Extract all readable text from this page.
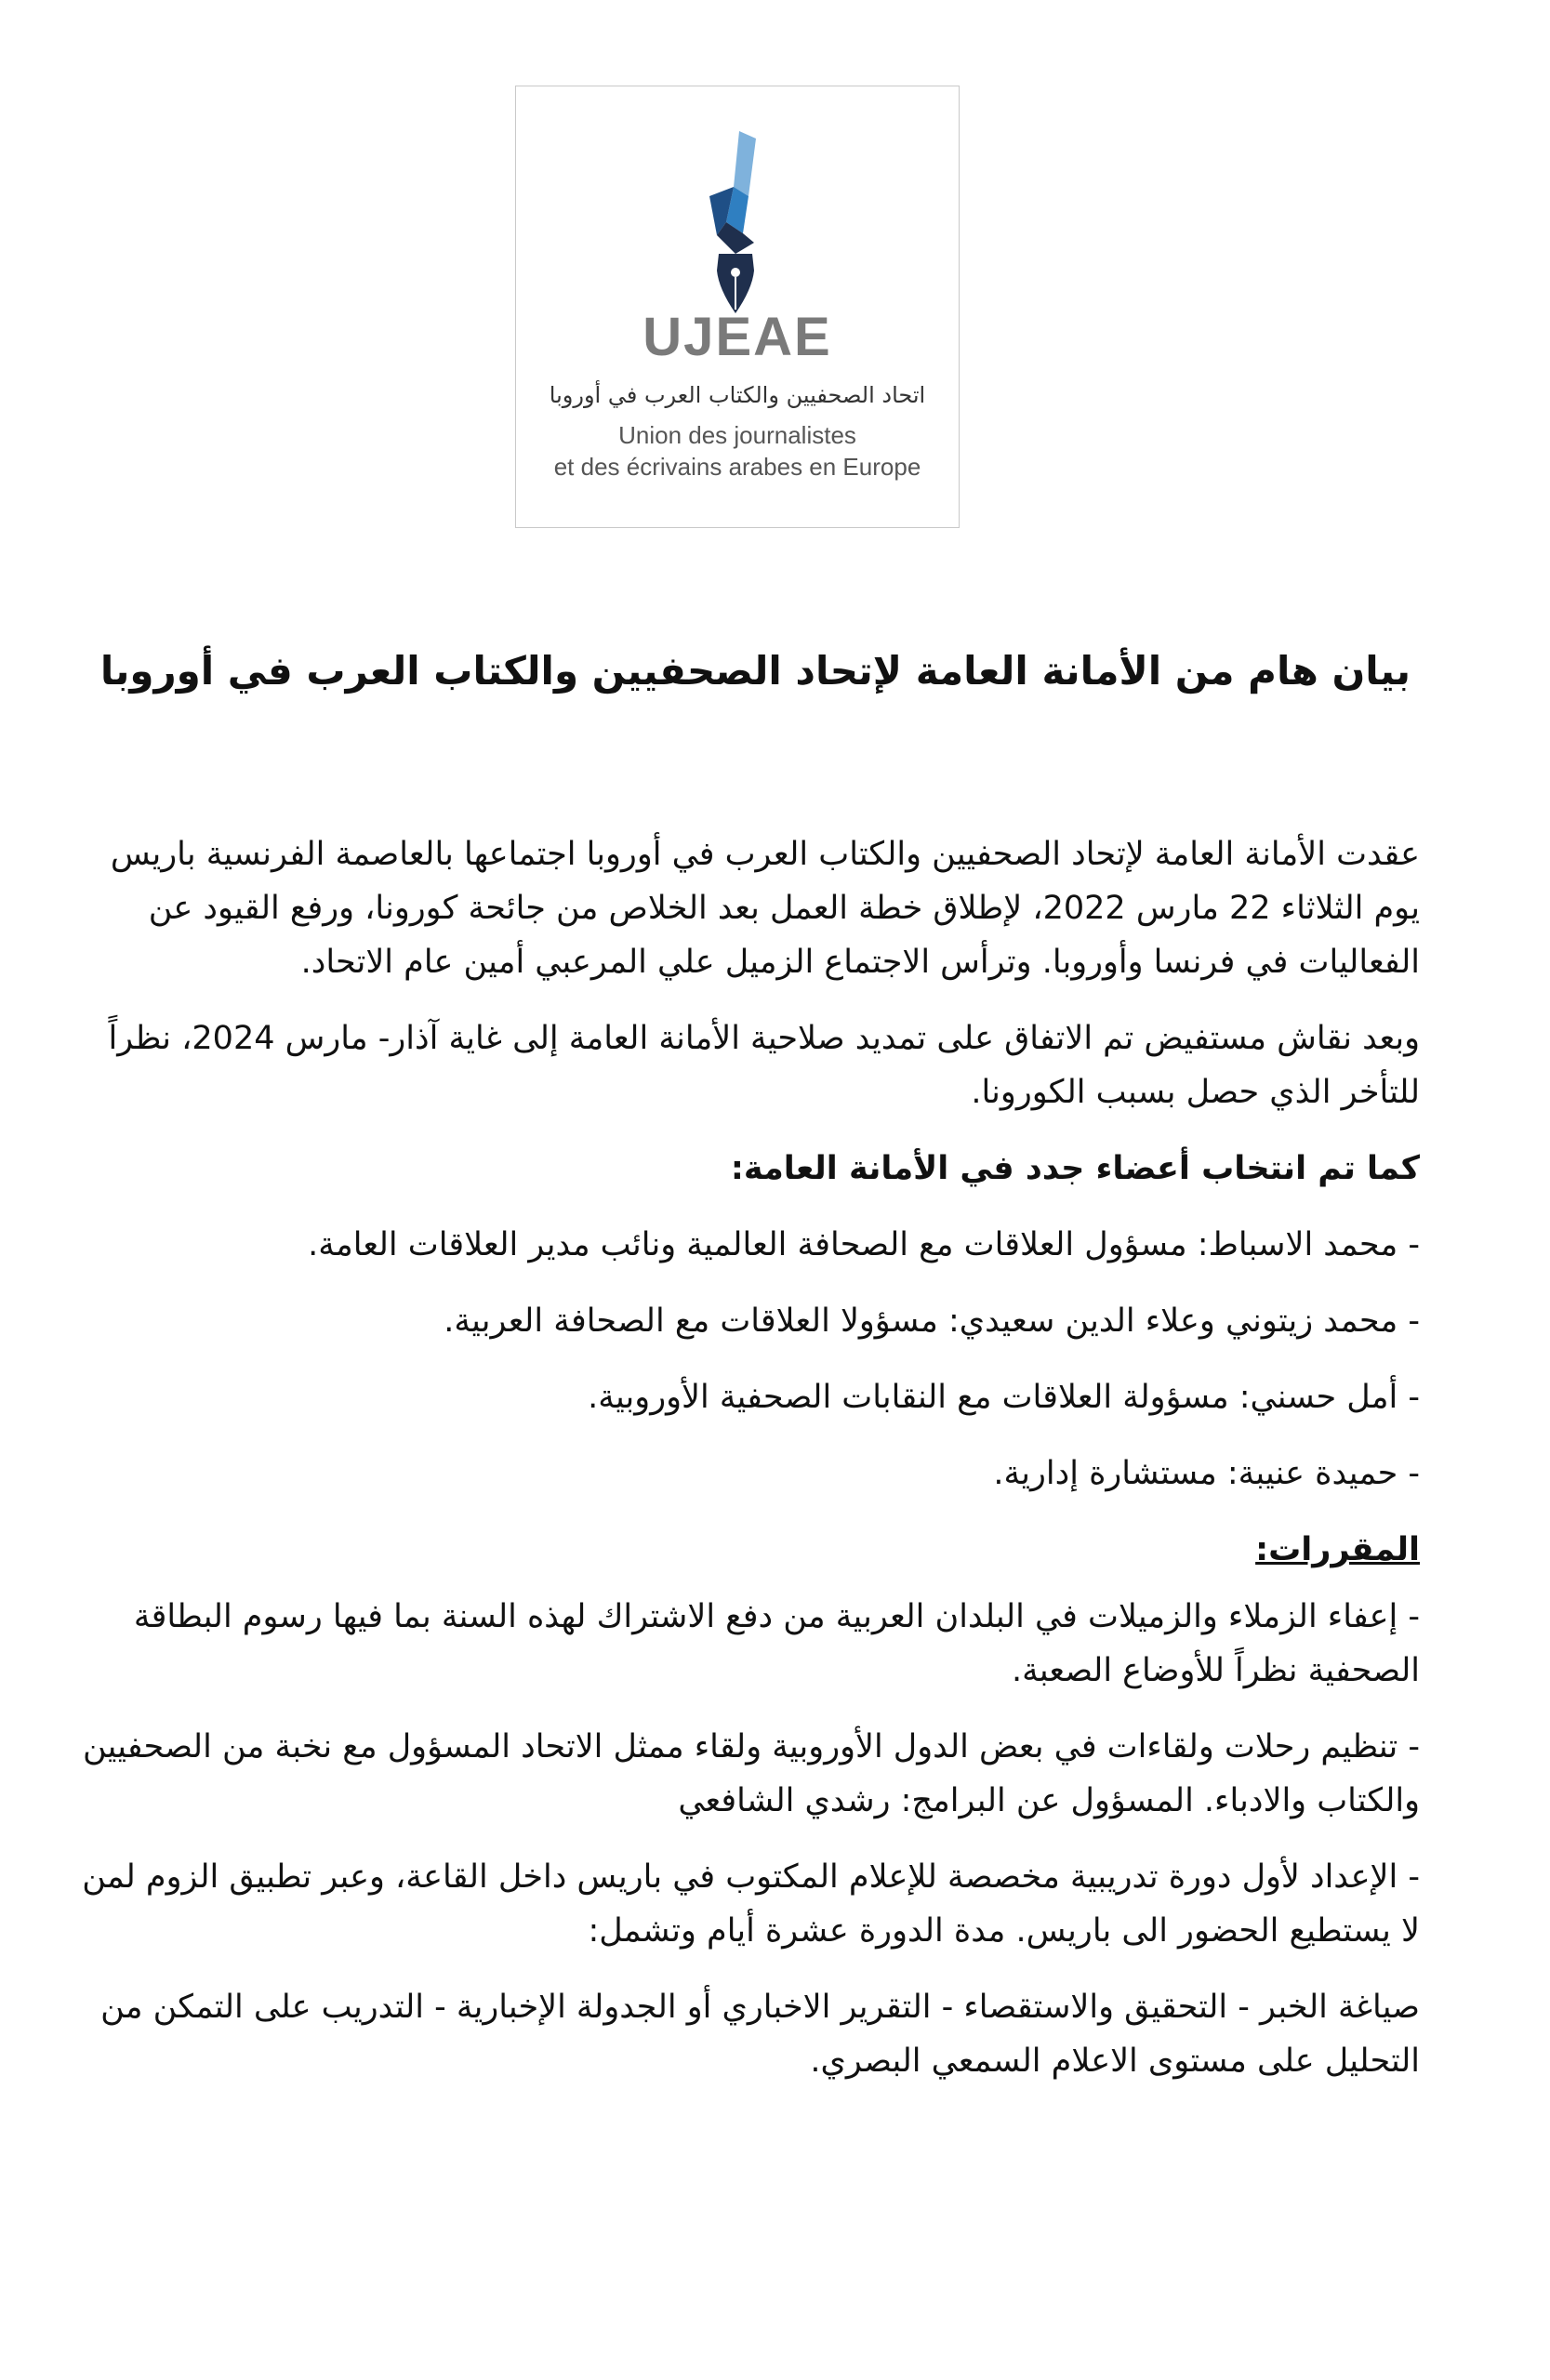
UJEAE
اتحاد الصحفيين والكتاب العرب في أوروبا
Union des journalistes
et des écrivains arabes en Europe
بيان هام من الأمانة العامة لإتحاد الصحفيين والكتاب العرب في أوروبا

عقدت الأمانة العامة لإتحاد الصحفيين والكتاب العرب في أوروبا اجتماعها بالعاصمة الفرنسية باريس يوم الثلاثاء 22 مارس 2022، لإطلاق خطة العمل بعد الخلاص من جائحة كورونا، ورفع القيود عن الفعاليات في فرنسا وأوروبا. وترأس الاجتماع الزميل علي المرعبي أمين عام الاتحاد.

وبعد نقاش مستفيض تم الاتفاق على تمديد صلاحية الأمانة العامة إلى غاية آذار- مارس 2024، نظراً للتأخر الذي حصل بسبب الكورونا.

كما تم انتخاب أعضاء جدد في الأمانة العامة:

- محمد الاسباط: مسؤول العلاقات مع الصحافة العالمية ونائب مدير العلاقات العامة.

- محمد زيتوني وعلاء الدين سعيدي: مسؤولا العلاقات مع الصحافة العربية.

- أمل حسني: مسؤولة العلاقات مع النقابات الصحفية الأوروبية.

- حميدة عنيبة: مستشارة إدارية.

المقررات:

- إعفاء الزملاء والزميلات في البلدان العربية من دفع الاشتراك لهذه السنة بما فيها رسوم البطاقة الصحفية نظراً للأوضاع الصعبة.

- تنظيم رحلات ولقاءات في بعض الدول الأوروبية ولقاء ممثل الاتحاد المسؤول مع نخبة من الصحفيين والكتاب والادباء. المسؤول عن البرامج: رشدي الشافعي

- الإعداد لأول دورة تدريبية مخصصة للإعلام المكتوب في باريس داخل القاعة، وعبر تطبيق الزوم لمن لا يستطيع الحضور الى باريس. مدة الدورة عشرة أيام وتشمل:

صياغة الخبر - التحقيق والاستقصاء - التقرير الاخباري أو الجدولة الإخبارية - التدريب على التمكن من التحليل على مستوى الاعلام السمعي البصري.
